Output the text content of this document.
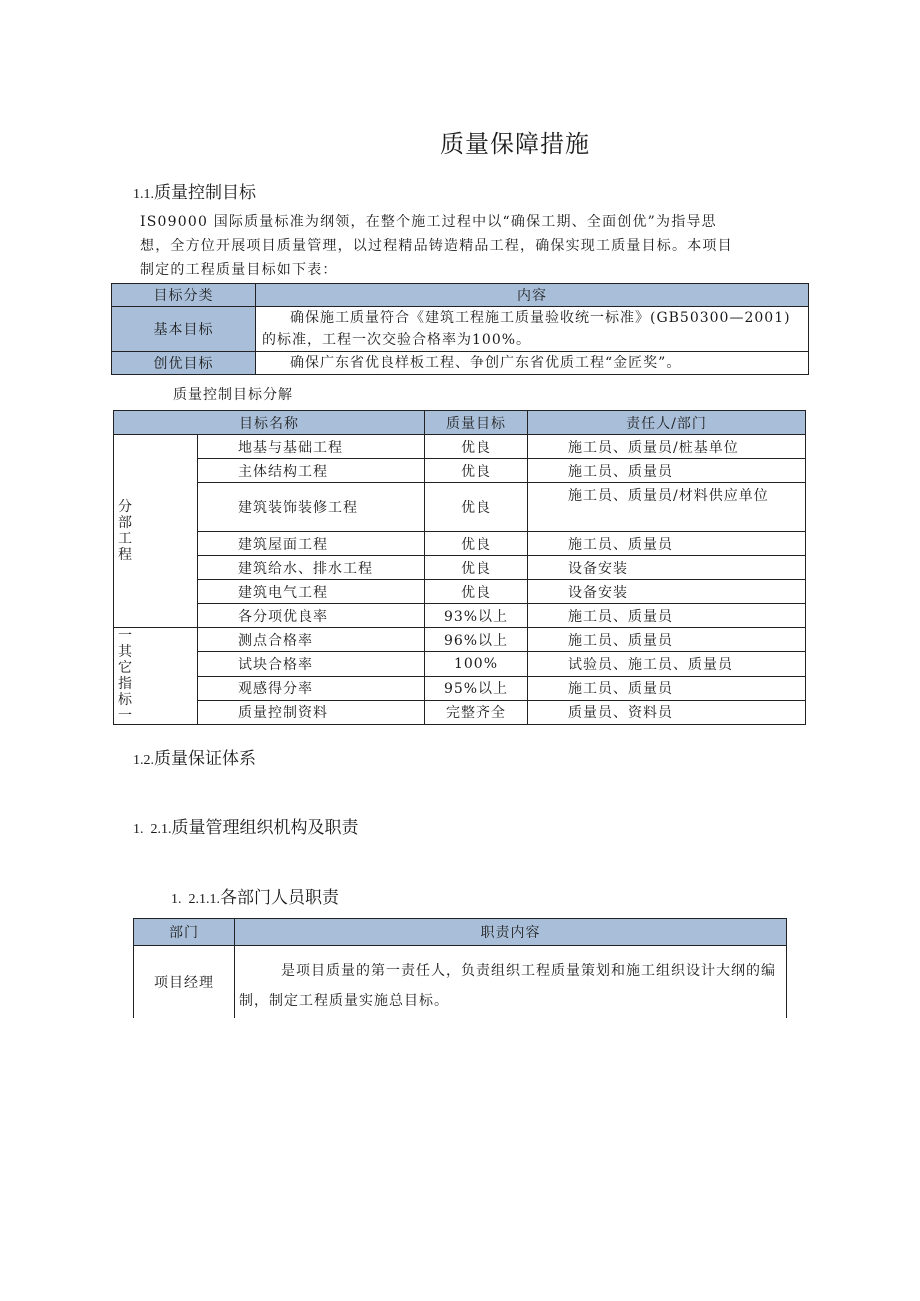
质量保障措施
1.1.质量控制目标

IS09000 国际质量标准为纲领，在整个施工过程中以“确保工期、全面创优”为指导思

想，全方位开展项目质量管理，以过程精品铸造精品工程，确保实现工质量目标。本项目

制定的工程质量目标如下表：

目标分类	内容
基本目标	确保施工质量符合《建筑工程施工质量验收统一标准》(GB50300—2001)的标准，工程一次交验合格率为100%。
创优目标	确保广东省优良样板工程、争创广东省优质工程“金匠奖”。
质量控制目标分解
目标名称		质量目标	责任人/部门

分部工程	地基与基础工程	优良	施工员、质量员/桩基单位
	主体结构工程	优良	施工员、质量员
	建筑装饰装修工程	优良	施工员、质量员/材料供应单位
	建筑屋面工程	优良	施工员、质量员
	建筑给水、排水工程	优良	设备安装
	建筑电气工程	优良	设备安装
	各分项优良率	93%以上	施工员、质量员

一其它指标一	测点合格率	96%以上	施工员、质量员
	试块合格率	100%	试验员、施工员、质量员
	观感得分率	95%以上	施工员、质量员
	质量控制资料	完整齐全	质量员、资料员
1.2.质量保证体系
1.  2.1.质量管理组织机构及职责
1.  2.1.1.各部门人员职责
部门	职责内容
项目经理	是项目质量的第一责任人，负责组织工程质量策划和施工组织设计大纲的编制，制定工程质量实施总目标。
